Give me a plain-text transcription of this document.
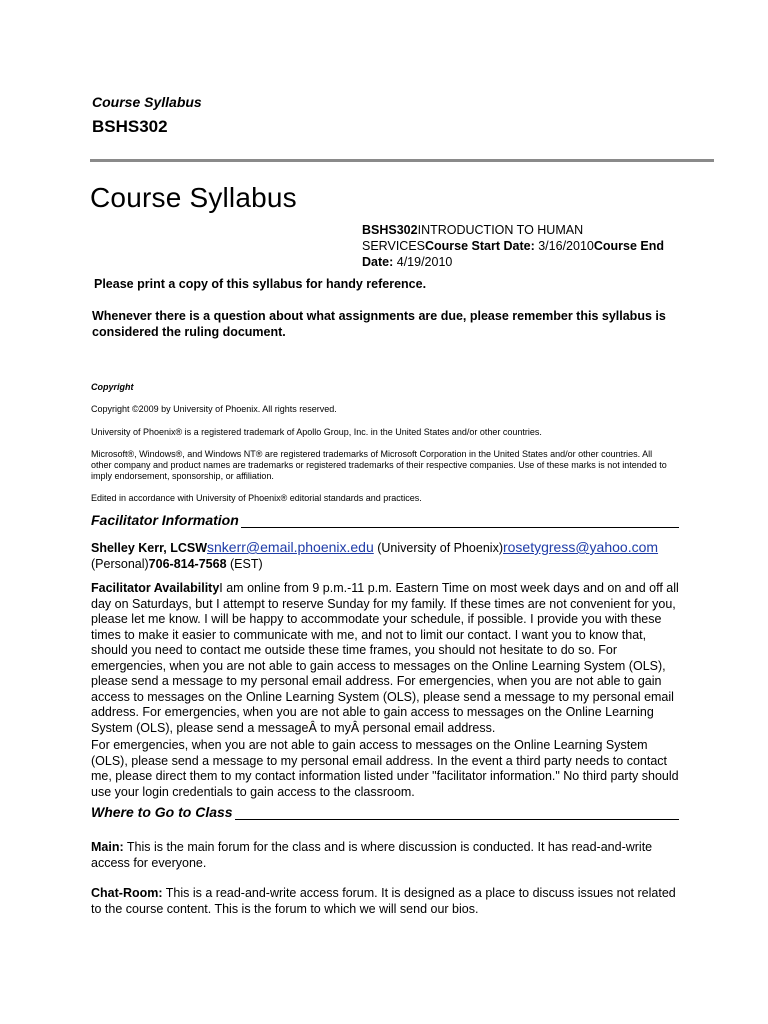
Course Syllabus
BSHS302
Course Syllabus
BSHS302INTRODUCTION TO HUMAN SERVICESCourse Start Date: 3/16/2010Course End Date: 4/19/2010
Please print a copy of this syllabus for handy reference.
Whenever there is a question about what assignments are due, please remember this syllabus is considered the ruling document.
Copyright
Copyright ©2009 by University of Phoenix. All rights reserved.
University of Phoenix® is a registered trademark of Apollo Group, Inc. in the United States and/or other countries.
Microsoft®, Windows®, and Windows NT® are registered trademarks of Microsoft Corporation in the United States and/or other countries. All other company and product names are trademarks or registered trademarks of their respective companies. Use of these marks is not intended to imply endorsement, sponsorship, or affiliation.
Edited in accordance with University of Phoenix® editorial standards and practices.
Facilitator Information
Shelley Kerr, LCSWsnkerr@email.phoenix.edu (University of Phoenix)rosetygress@yahoo.com (Personal)706-814-7568 (EST)
Facilitator AvailabilityI am online from 9 p.m.-11 p.m. Eastern Time on most week days and on and off all day on Saturdays, but I attempt to reserve Sunday for my family. If these times are not convenient for you, please let me know. I will be happy to accommodate your schedule, if possible. I provide you with these times to make it easier to communicate with me, and not to limit our contact. I want you to know that, should you need to contact me outside these time frames, you should not hesitate to do so. For emergencies, when you are not able to gain access to messages on the Online Learning System (OLS), please send a message to my personal email address. For emergencies, when you are not able to gain access to messages on the Online Learning System (OLS), please send a message to my personal email address. For emergencies, when you are not able to gain access to messages on the Online Learning System (OLS), please send a messageÂ to myÂ personal email address.
For emergencies, when you are not able to gain access to messages on the Online Learning System (OLS), please send a message to my personal email address. In the event a third party needs to contact me, please direct them to my contact information listed under "facilitator information." No third party should use your login credentials to gain access to the classroom.
Where to Go to Class
Main: This is the main forum for the class and is where discussion is conducted. It has read-and-write access for everyone.
Chat-Room: This is a read-and-write access forum. It is designed as a place to discuss issues not related to the course content. This is the forum to which we will send our bios.
